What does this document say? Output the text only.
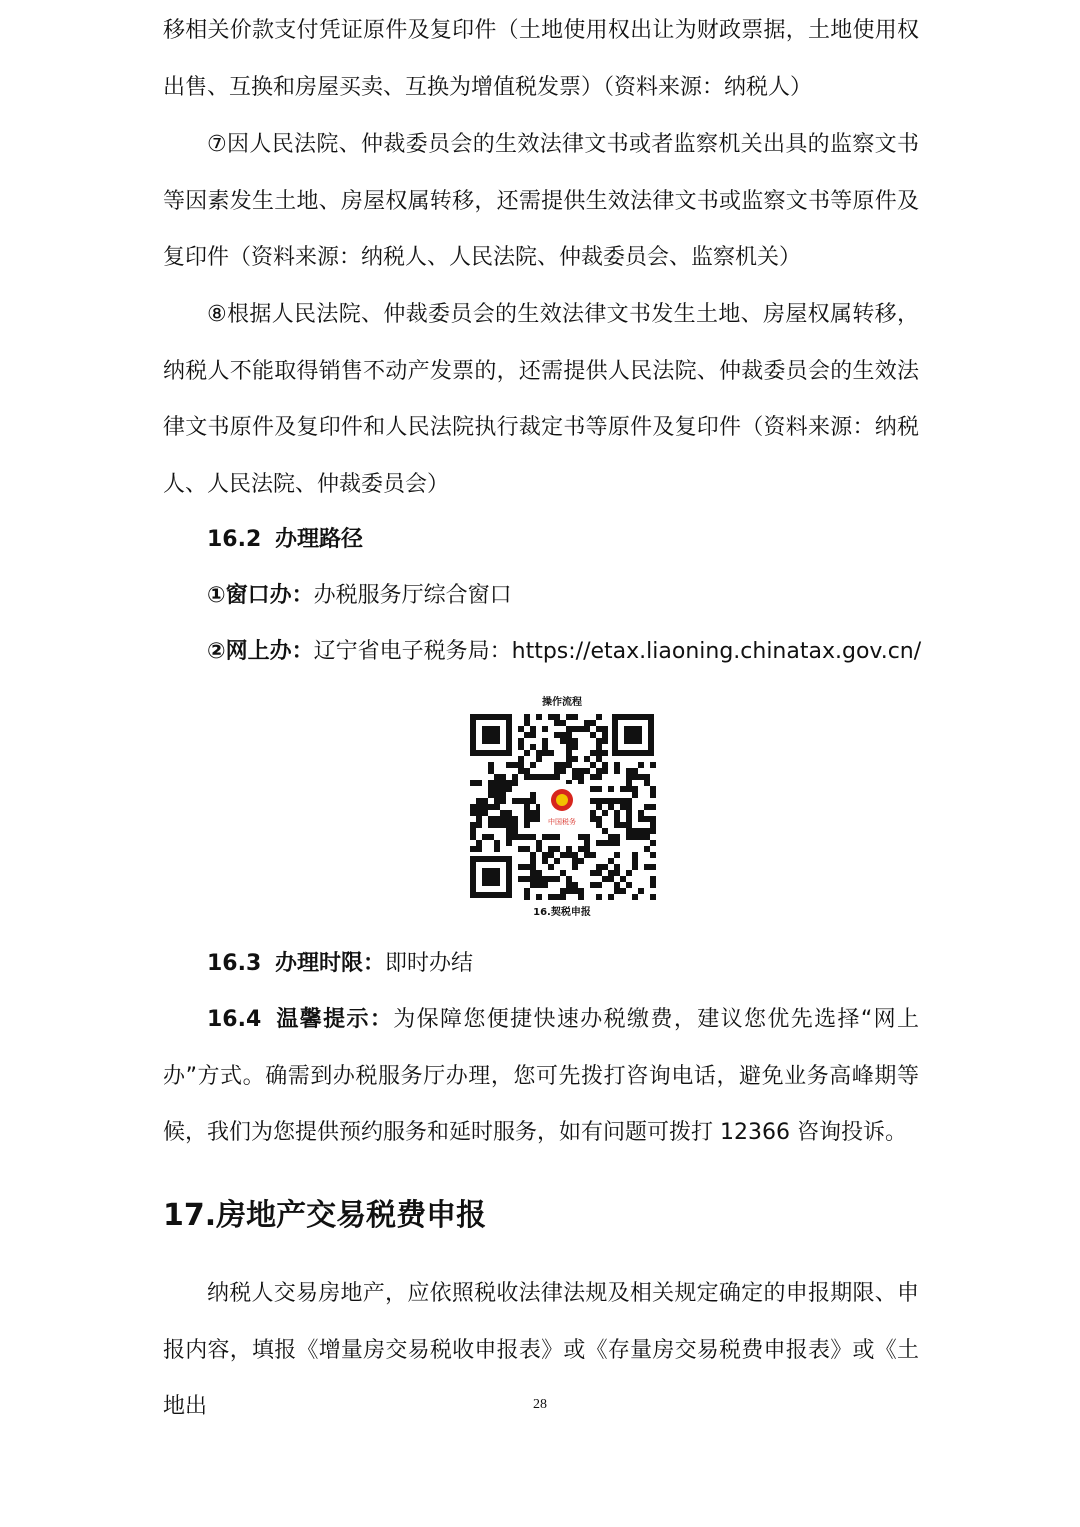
移相关价款支付凭证原件及复印件（土地使用权出让为财政票据，土地使用权出售、互换和房屋买卖、互换为增值税发票）（资料来源：纳税人）

⑦因人民法院、仲裁委员会的生效法律文书或者监察机关出具的监察文书等因素发生土地、房屋权属转移，还需提供生效法律文书或监察文书等原件及复印件（资料来源：纳税人、人民法院、仲裁委员会、监察机关）

⑧根据人民法院、仲裁委员会的生效法律文书发生土地、房屋权属转移，纳税人不能取得销售不动产发票的，还需提供人民法院、仲裁委员会的生效法律文书原件及复印件和人民法院执行裁定书等原件及复印件（资料来源：纳税人、人民法院、仲裁委员会）

16.2 办理路径
①窗口办：办税服务厅综合窗口
②网上办：辽宁省电子税务局：https://etax.liaoning.chinatax.gov.cn/
16.3 办理时限：即时办结

16.4 温馨提示：为保障您便捷快速办税缴费，建议您优先选择“网上办”方式。确需到办税服务厅办理，您可先拨打咨询电话，避免业务高峰期等候，我们为您提供预约服务和延时服务，如有问题可拨打 12366 咨询投诉。

17.房地产交易税费申报

纳税人交易房地产，应依照税收法律法规及相关规定确定的申报期限、申报内容，填报《增量房交易税收申报表》或《存量房交易税费申报表》或《土地出

操作流程
中国税务
16.契税申报
28
